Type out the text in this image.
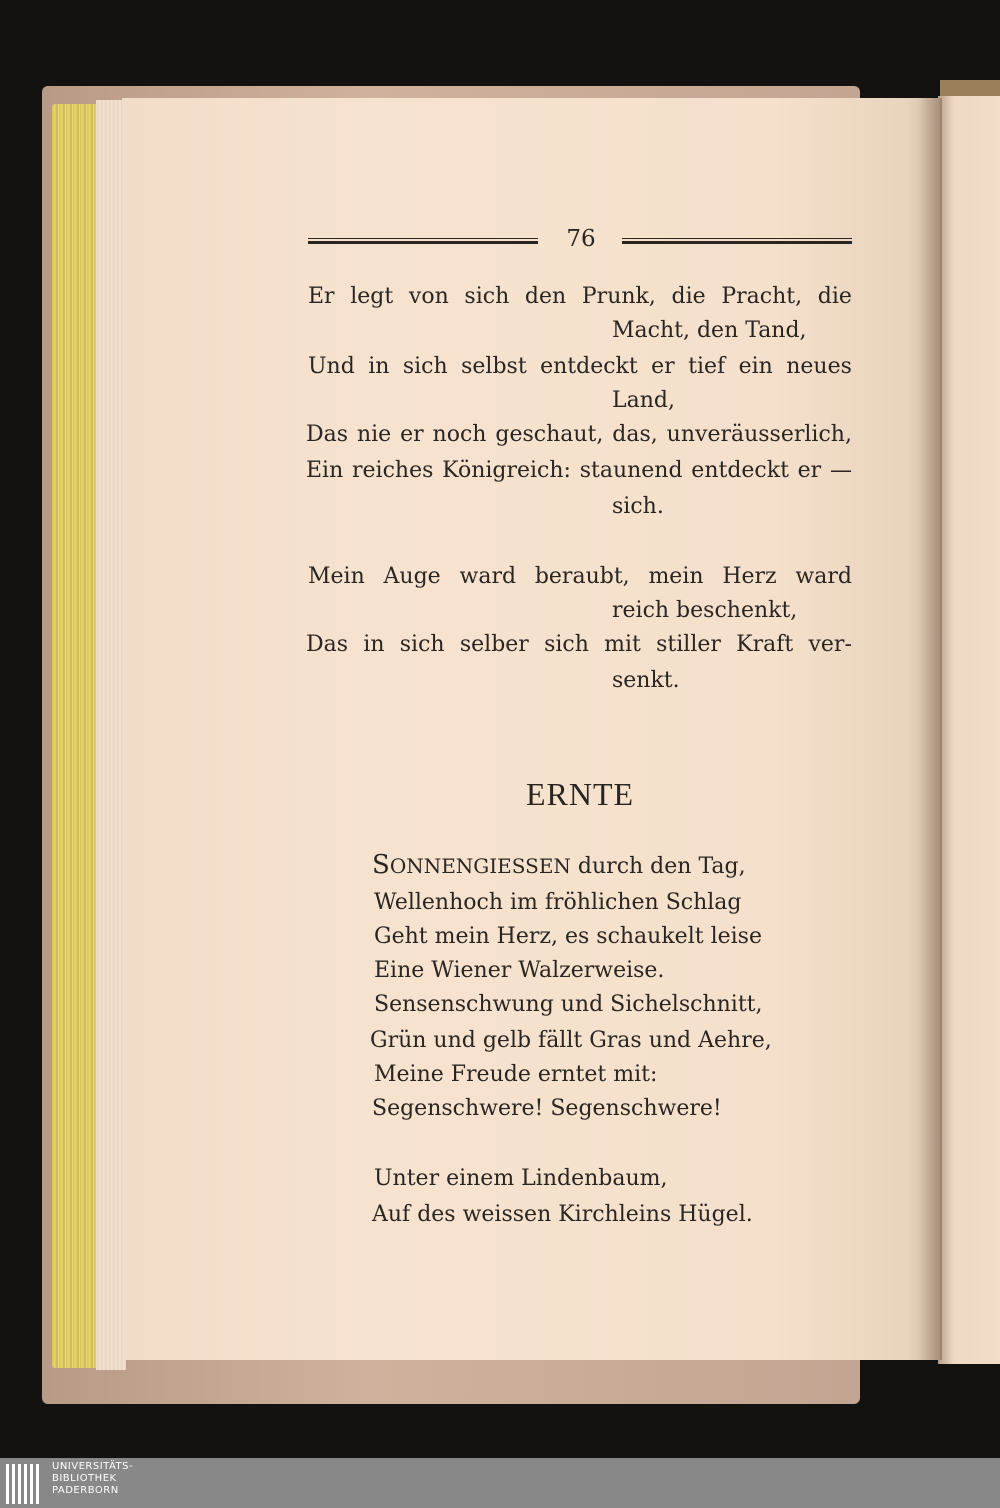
76
Er legt von sich den Prunk, die Pracht, die
Macht, den Tand,
Und in sich selbst entdeckt er tief ein neues
Land,
Das nie er noch geschaut, das, unveräusserlich,
Ein reiches Königreich: staunend entdeckt er —
sich.
Mein Auge ward beraubt, mein Herz ward
reich beschenkt,
Das in sich selber sich mit stiller Kraft ver-
senkt.
ERNTE
SONNENGIESSEN durch den Tag,
Wellenhoch im fröhlichen Schlag
Geht mein Herz, es schaukelt leise
Eine Wiener Walzerweise.
Sensenschwung und Sichelschnitt,
Grün und gelb fällt Gras und Aehre,
Meine Freude erntet mit:
Segenschwere! Segenschwere!
Unter einem Lindenbaum,
Auf des weissen Kirchleins Hügel.
UNIVERSITÄTS-
BIBLIOTHEK
PADERBORN
